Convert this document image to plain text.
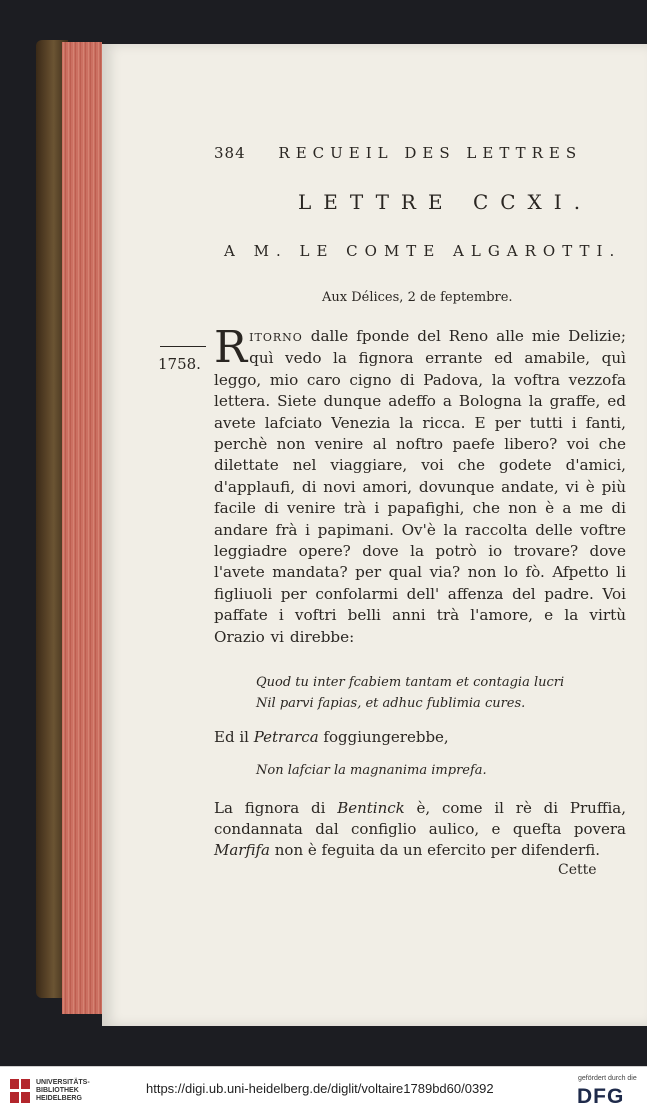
384 RECUEIL DES LETTRES
LETTRE CCXI.
A M. LE COMTE ALGAROTTI.
Aux Délices, 2 de feptembre.
1758. RITORNO dalle fponde del Reno alle mie Delizie; quì vedo la fignora errante ed amabile, quì leggo, mio caro cigno di Padova, la voftra vezzofa lettera. Siete dunque adeffo a Bologna la graffe, ed avete lafciato Venezia la ricca. E per tutti i fanti, perchè non venire al noftro paefe libero? voi che dilettate nel viaggiare, voi che godete d'amici, d'applaufi, di novi amori, dovunque andate, vi è più facile di venire trà i papafighi, che non è a me di andare frà i papimani. Ov'è la raccolta delle voftre leggiadre opere? dove la potrò io trovare? dove l'avete mandata? per qual via? non lo fò. Afpetto li figliuoli per confolarmi dell' affenza del padre. Voi paffate i voftri belli anni trà l'amore, e la virtù Orazio vi direbbe:
Quod tu inter fcabiem tantam et contagia lucri
Nil parvi fapias, et adhuc fublimia cures.
Ed il Petrarca foggiungerebbe,
Non lafciar la magnanima imprefa.
La fignora di Bentinck è, come il rè di Pruffia, condannata dal configlio aulico, e quefta povera Marfifa non è feguita da un efercito per difenderfi.
Cette
UNIVERSITÄTS-
BIBLIOTHEK
HEIDELBERG
https://digi.ub.uni-heidelberg.de/diglit/voltaire1789bd60/0392
gefördert durch die
DFG
